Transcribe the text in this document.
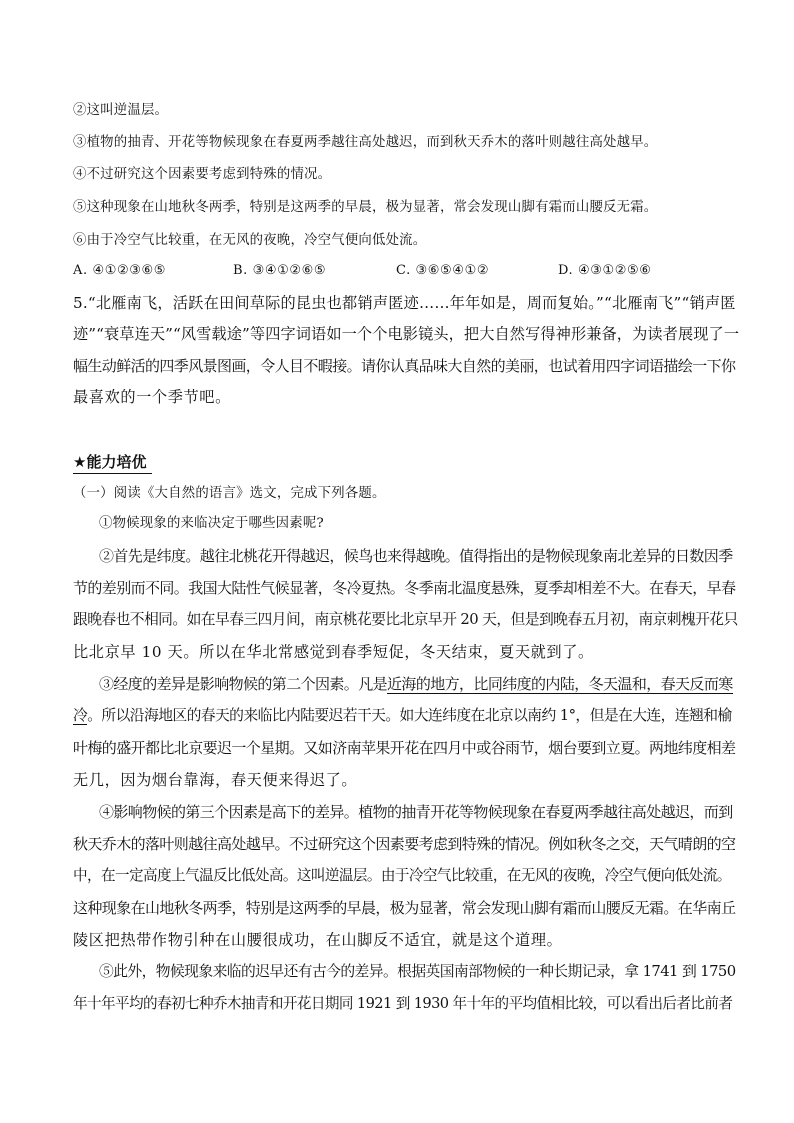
②这叫逆温层。
③植物的抽青、开花等物候现象在春夏两季越往高处越迟，而到秋天乔木的落叶则越往高处越早。
④不过研究这个因素要考虑到特殊的情况。
⑤这种现象在山地秋冬两季，特别是这两季的早晨，极为显著，常会发现山脚有霜而山腰反无霜。
⑥由于冷空气比较重，在无风的夜晚，冷空气便向低处流。
A. ④①②③⑥⑤	B. ③④①②⑥⑤	C. ③⑥⑤④①②	D. ④③①②⑤⑥
5.“北雁南飞，活跃在田间草际的昆虫也都销声匿迹……年年如是，周而复始。”“北雁南飞”“销声匿
迹”“衰草连天”“风雪载途”等四字词语如一个个电影镜头，把大自然写得神形兼备，为读者展现了一
幅生动鲜活的四季风景图画，令人目不暇接。请你认真品味大自然的美丽，也试着用四字词语描绘一下你
最喜欢的一个季节吧。
★能力培优
（一）阅读《大自然的语言》选文，完成下列各题。
①物候现象的来临决定于哪些因素呢?
②首先是纬度。越往北桃花开得越迟，候鸟也来得越晚。值得指出的是物候现象南北差异的日数因季
节的差别而不同。我国大陆性气候显著，冬冷夏热。冬季南北温度悬殊，夏季却相差不大。在春天，早春
跟晚春也不相同。如在早春三四月间，南京桃花要比北京早开 20 天，但是到晚春五月初，南京刺槐开花只
比北京早 10 天。所以在华北常感觉到春季短促，冬天结束，夏天就到了。
③经度的差异是影响物候的第二个因素。凡是近海的地方，比同纬度的内陆，冬天温和，春天反而寒
冷。所以沿海地区的春天的来临比内陆要迟若干天。如大连纬度在北京以南约 1°，但是在大连，连翘和榆
叶梅的盛开都比北京要迟一个星期。又如济南苹果开花在四月中或谷雨节，烟台要到立夏。两地纬度相差
无几，因为烟台靠海，春天便来得迟了。
④影响物候的第三个因素是高下的差异。植物的抽青开花等物候现象在春夏两季越往高处越迟，而到
秋天乔木的落叶则越往高处越早。不过研究这个因素要考虑到特殊的情况。例如秋冬之交，天气晴朗的空
中，在一定高度上气温反比低处高。这叫逆温层。由于冷空气比较重，在无风的夜晚，冷空气便向低处流。
这种现象在山地秋冬两季，特别是这两季的早晨，极为显著，常会发现山脚有霜而山腰反无霜。在华南丘
陵区把热带作物引种在山腰很成功，在山脚反不适宜，就是这个道理。
⑤此外，物候现象来临的迟早还有古今的差异。根据英国南部物候的一种长期记录，拿 1741 到 1750
年十年平均的春初七种乔木抽青和开花日期同 1921 到 1930 年十年的平均值相比较，可以看出后者比前者
